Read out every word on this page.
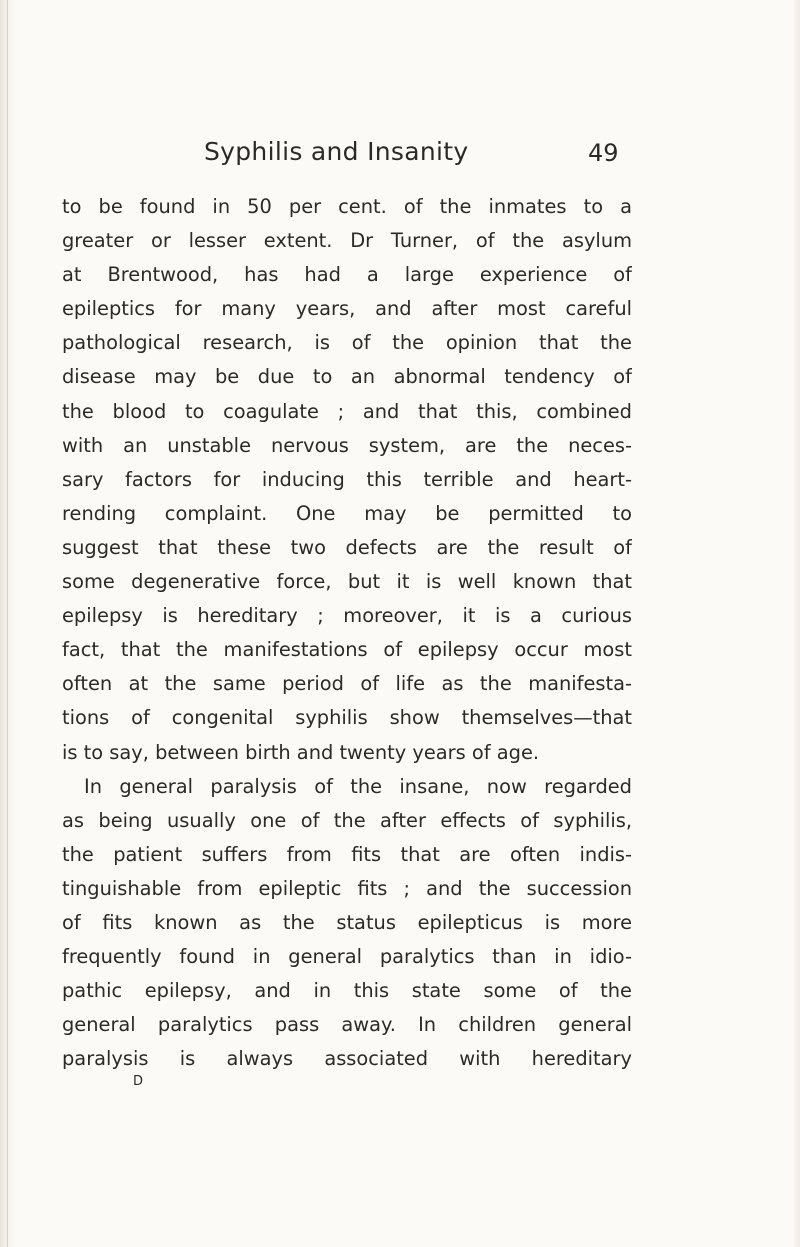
Syphilis and Insanity	49
to be found in 50 per cent. of the inmates to a
greater or lesser extent. Dr Turner, of the asylum
at Brentwood, has had a large experience of
epileptics for many years, and after most careful
pathological research, is of the opinion that the
disease may be due to an abnormal tendency of
the blood to coagulate ; and that this, combined
with an unstable nervous system, are the neces-
sary factors for inducing this terrible and heart-
rending complaint. One may be permitted to
suggest that these two defects are the result of
some degenerative force, but it is well known that
epilepsy is hereditary ; moreover, it is a curious
fact, that the manifestations of epilepsy occur most
often at the same period of life as the manifesta-
tions of congenital syphilis show themselves—that
is to say, between birth and twenty years of age.
In general paralysis of the insane, now regarded
as being usually one of the after effects of syphilis,
the patient suffers from fits that are often indis-
tinguishable from epileptic fits ; and the succession
of fits known as the status epilepticus is more
frequently found in general paralytics than in idio-
pathic epilepsy, and in this state some of the
general paralytics pass away. In children general
paralysis is always associated with hereditary
D
